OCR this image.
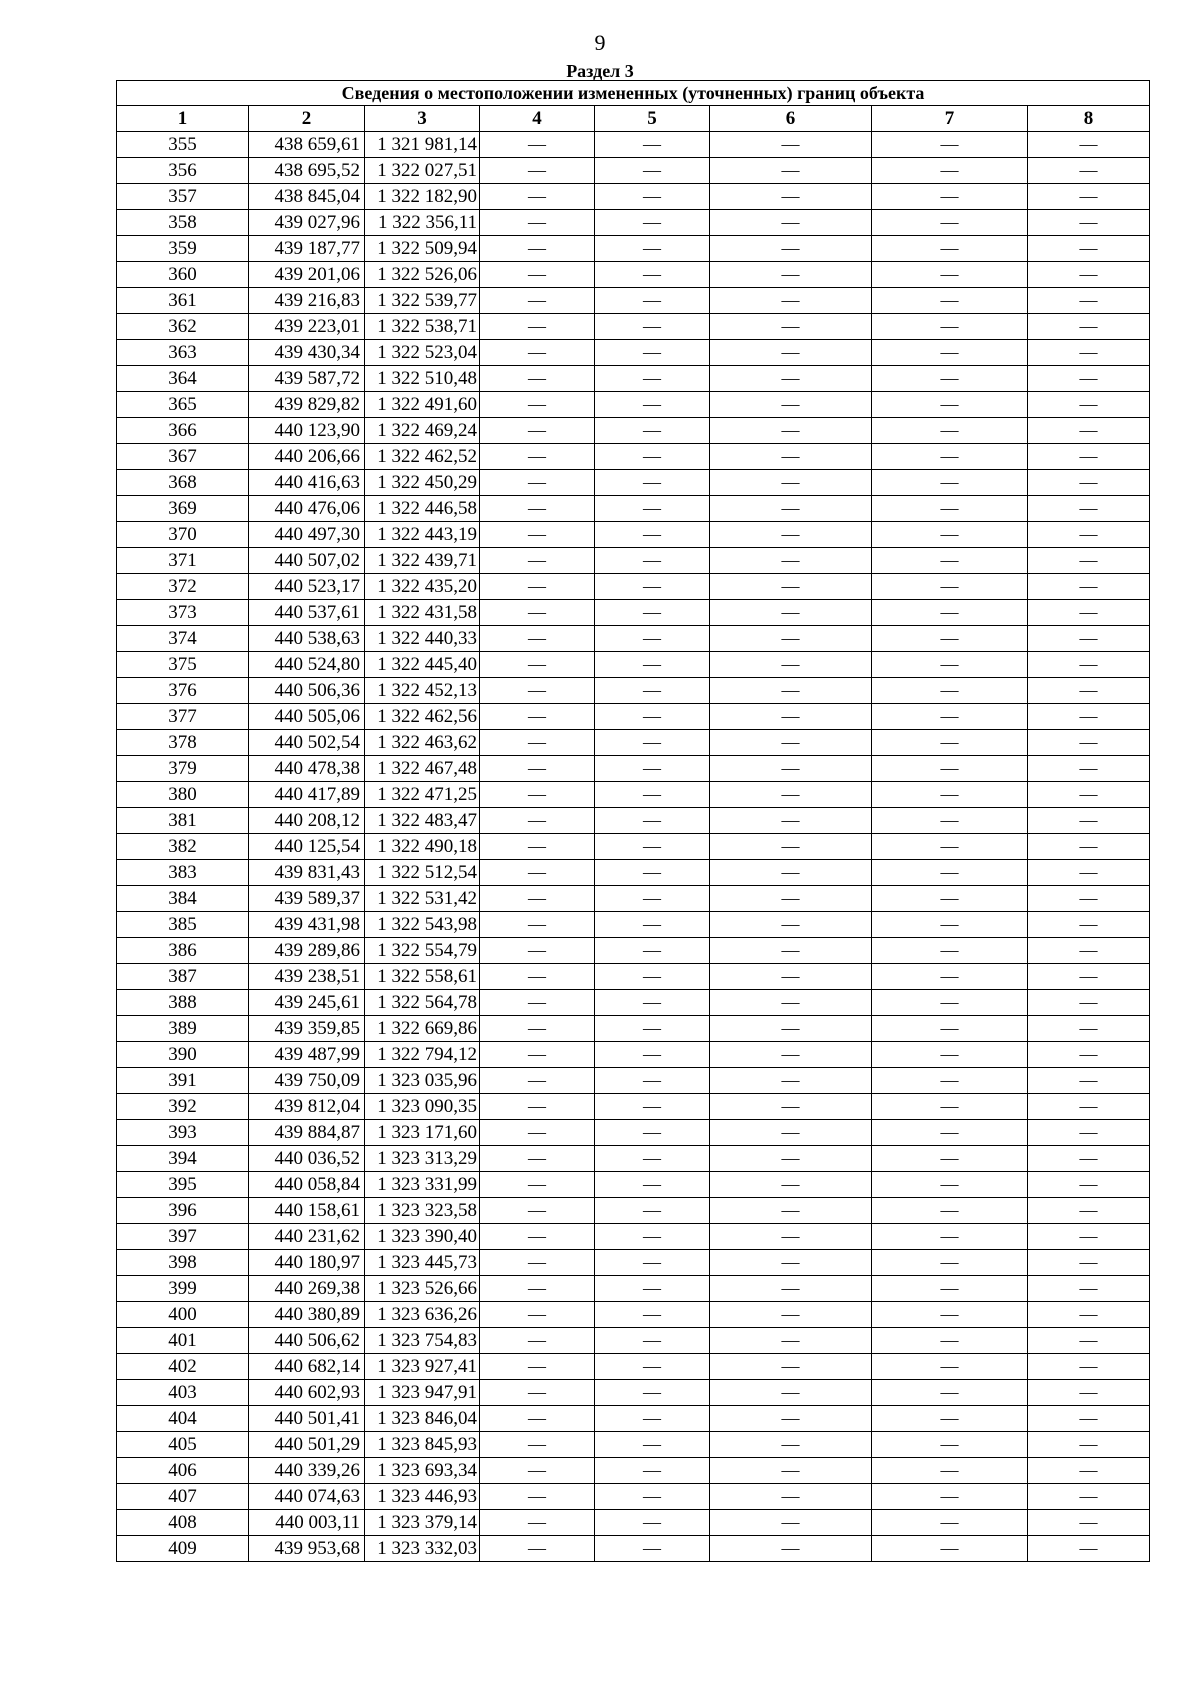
9
Раздел 3
Сведения о местоположении измененных (уточненных) границ объекта							
1	2	3	4	5	6	7	8
355	438 659,61	1 321 981,14	—	—	—	—	—
356	438 695,52	1 322 027,51	—	—	—	—	—
357	438 845,04	1 322 182,90	—	—	—	—	—
358	439 027,96	1 322 356,11	—	—	—	—	—
359	439 187,77	1 322 509,94	—	—	—	—	—
360	439 201,06	1 322 526,06	—	—	—	—	—
361	439 216,83	1 322 539,77	—	—	—	—	—
362	439 223,01	1 322 538,71	—	—	—	—	—
363	439 430,34	1 322 523,04	—	—	—	—	—
364	439 587,72	1 322 510,48	—	—	—	—	—
365	439 829,82	1 322 491,60	—	—	—	—	—
366	440 123,90	1 322 469,24	—	—	—	—	—
367	440 206,66	1 322 462,52	—	—	—	—	—
368	440 416,63	1 322 450,29	—	—	—	—	—
369	440 476,06	1 322 446,58	—	—	—	—	—
370	440 497,30	1 322 443,19	—	—	—	—	—
371	440 507,02	1 322 439,71	—	—	—	—	—
372	440 523,17	1 322 435,20	—	—	—	—	—
373	440 537,61	1 322 431,58	—	—	—	—	—
374	440 538,63	1 322 440,33	—	—	—	—	—
375	440 524,80	1 322 445,40	—	—	—	—	—
376	440 506,36	1 322 452,13	—	—	—	—	—
377	440 505,06	1 322 462,56	—	—	—	—	—
378	440 502,54	1 322 463,62	—	—	—	—	—
379	440 478,38	1 322 467,48	—	—	—	—	—
380	440 417,89	1 322 471,25	—	—	—	—	—
381	440 208,12	1 322 483,47	—	—	—	—	—
382	440 125,54	1 322 490,18	—	—	—	—	—
383	439 831,43	1 322 512,54	—	—	—	—	—
384	439 589,37	1 322 531,42	—	—	—	—	—
385	439 431,98	1 322 543,98	—	—	—	—	—
386	439 289,86	1 322 554,79	—	—	—	—	—
387	439 238,51	1 322 558,61	—	—	—	—	—
388	439 245,61	1 322 564,78	—	—	—	—	—
389	439 359,85	1 322 669,86	—	—	—	—	—
390	439 487,99	1 322 794,12	—	—	—	—	—
391	439 750,09	1 323 035,96	—	—	—	—	—
392	439 812,04	1 323 090,35	—	—	—	—	—
393	439 884,87	1 323 171,60	—	—	—	—	—
394	440 036,52	1 323 313,29	—	—	—	—	—
395	440 058,84	1 323 331,99	—	—	—	—	—
396	440 158,61	1 323 323,58	—	—	—	—	—
397	440 231,62	1 323 390,40	—	—	—	—	—
398	440 180,97	1 323 445,73	—	—	—	—	—
399	440 269,38	1 323 526,66	—	—	—	—	—
400	440 380,89	1 323 636,26	—	—	—	—	—
401	440 506,62	1 323 754,83	—	—	—	—	—
402	440 682,14	1 323 927,41	—	—	—	—	—
403	440 602,93	1 323 947,91	—	—	—	—	—
404	440 501,41	1 323 846,04	—	—	—	—	—
405	440 501,29	1 323 845,93	—	—	—	—	—
406	440 339,26	1 323 693,34	—	—	—	—	—
407	440 074,63	1 323 446,93	—	—	—	—	—
408	440 003,11	1 323 379,14	—	—	—	—	—
409	439 953,68	1 323 332,03	—	—	—	—	—
